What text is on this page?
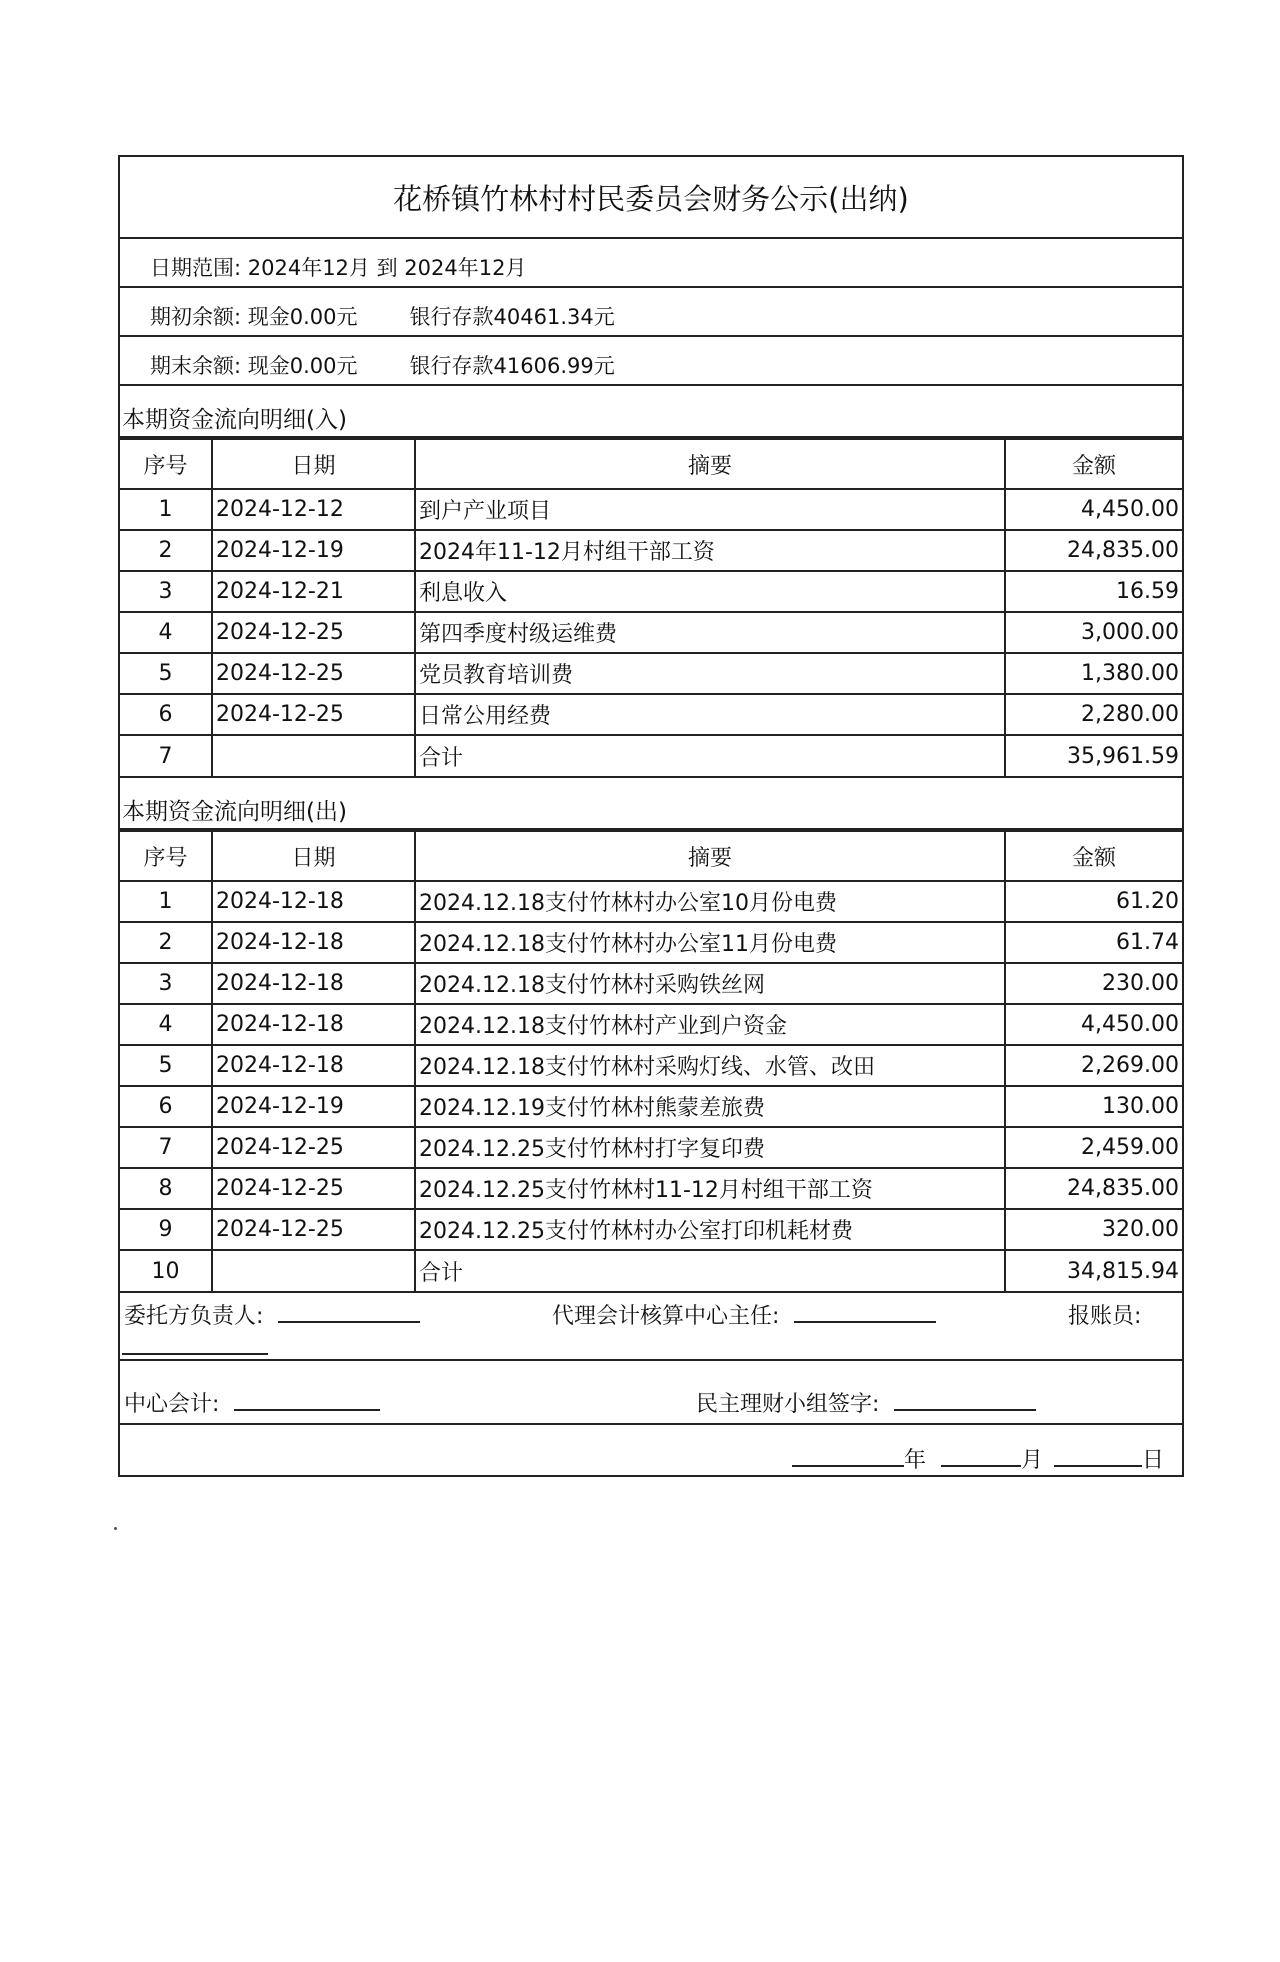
花桥镇竹林村村民委员会财务公示(出纳)
日期范围: 2024年12月 到 2024年12月
期初余额: 现金0.00元 银行存款40461.34元
期末余额: 现金0.00元 银行存款41606.99元
本期资金流向明细(入)
序号	日期	摘要	金额
1	2024-12-12	到户产业项目	4,450.00
2	2024-12-19	2024年11-12月村组干部工资	24,835.00
3	2024-12-21	利息收入	16.59
4	2024-12-25	第四季度村级运维费	3,000.00
5	2024-12-25	党员教育培训费	1,380.00
6	2024-12-25	日常公用经费	2,280.00
7		合计	35,961.59
本期资金流向明细(出)
序号	日期	摘要	金额
1	2024-12-18	2024.12.18支付竹林村办公室10月份电费	61.20
2	2024-12-18	2024.12.18支付竹林村办公室11月份电费	61.74
3	2024-12-18	2024.12.18支付竹林村采购铁丝网	230.00
4	2024-12-18	2024.12.18支付竹林村产业到户资金	4,450.00
5	2024-12-18	2024.12.18支付竹林村采购灯线、水管、改田	2,269.00
6	2024-12-19	2024.12.19支付竹林村熊蒙差旅费	130.00
7	2024-12-25	2024.12.25支付竹林村打字复印费	2,459.00
8	2024-12-25	2024.12.25支付竹林村11-12月村组干部工资	24,835.00
9	2024-12-25	2024.12.25支付竹林村办公室打印机耗材费	320.00
10		合计	34,815.94
委托方负责人:	代理会计核算中心主任:	报账员:
中心会计:	民主理财小组签字:
年	月	日
